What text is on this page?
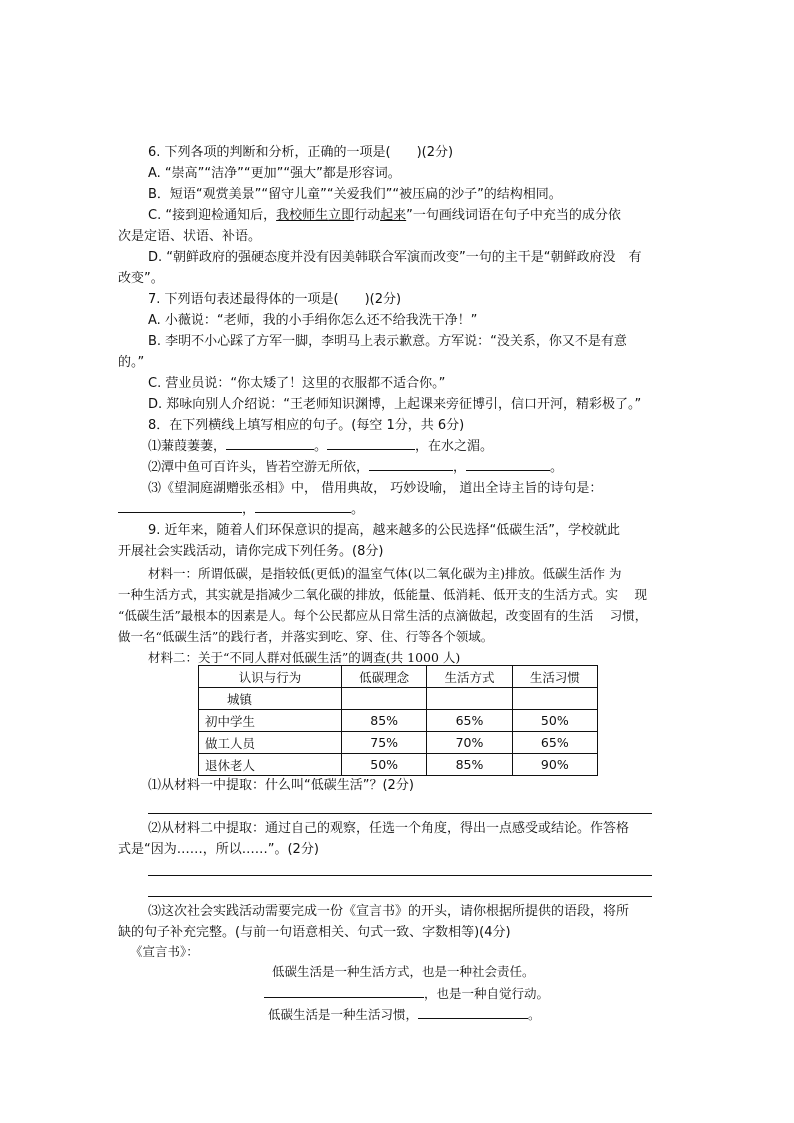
6. 下列各项的判断和分析，正确的一项是(　　)(2分)
A. “崇高”“洁净”“更加”“强大”都是形容词。
B．短语“观赏美景”“留守儿童”“关爱我们”“被压扁的沙子”的结构相同。
C. “接到迎检通知后，我校师生立即行动起来”一句画线词语在句子中充当的成分依
次是定语、状语、补语。
D. “朝鲜政府的强硬态度并没有因美韩联合军演而改变”一句的主干是“朝鲜政府没　有
改变”。
7. 下列语句表述最得体的一项是(　　)(2分)
A. 小薇说：“老师，我的小手绢你怎么还不给我洗干净！”
B. 李明不小心踩了方军一脚，李明马上表示歉意。方军说：“没关系，你又不是有意
的。”
C. 营业员说：“你太矮了！这里的衣服都不适合你。”
D. 郑咏向别人介绍说：“王老师知识渊博，上起课来旁征博引，信口开河，精彩极了。”
8．在下列横线上填写相应的句子。(每空 1分，共 6分)
⑴蒹葭萋萋，	。	，在水之湄。
⑵潭中鱼可百许头，皆若空游无所依，	，	。
⑶《望洞庭湖赠张丞相》中， 借用典故， 巧妙设喻， 道出全诗主旨的诗句是：
，	。
9. 近年来，随着人们环保意识的提高，越来越多的公民选择“低碳生活”，学校就此
开展社会实践活动，请你完成下列任务。(8分)
材料一：所谓低碳，是指较低(更低)的温室气体(以二氧化碳为主)排放。低碳生活作 为
一种生活方式，其实就是指减少二氧化碳的排放，低能量、低消耗、低开支的生活方式。实　 现
“低碳生活”最根本的因素是人。每个公民都应从日常生活的点滴做起，改变固有的生活　 习惯，
做一名“低碳生活”的践行者，并落实到吃、穿、住、行等各个领域。
材料二：关于“不同人群对低碳生活”的调查(共 1000 人)
认识与行为	低碳理念	生活方式	生活习惯
城镇			
初中学生	85%	65%	50%
做工人员	75%	70%	65%
退休老人	50%	85%	90%
⑴从材料一中提取：什么叫“低碳生活”？(2分)
⑵从材料二中提取：通过自己的观察，任选一个角度，得出一点感受或结论。作答格
式是“因为……，所以……”。(2分)
⑶这次社会实践活动需要完成一份《宣言书》的开头，请你根据所提供的语段，将所
缺的句子补充完整。(与前一句语意相关、句式一致、字数相等)(4分)
《宣言书》：
低碳生活是一种生活方式，也是一种社会责任。
，也是一种自觉行动。
低碳生活是一种生活习惯，	。
